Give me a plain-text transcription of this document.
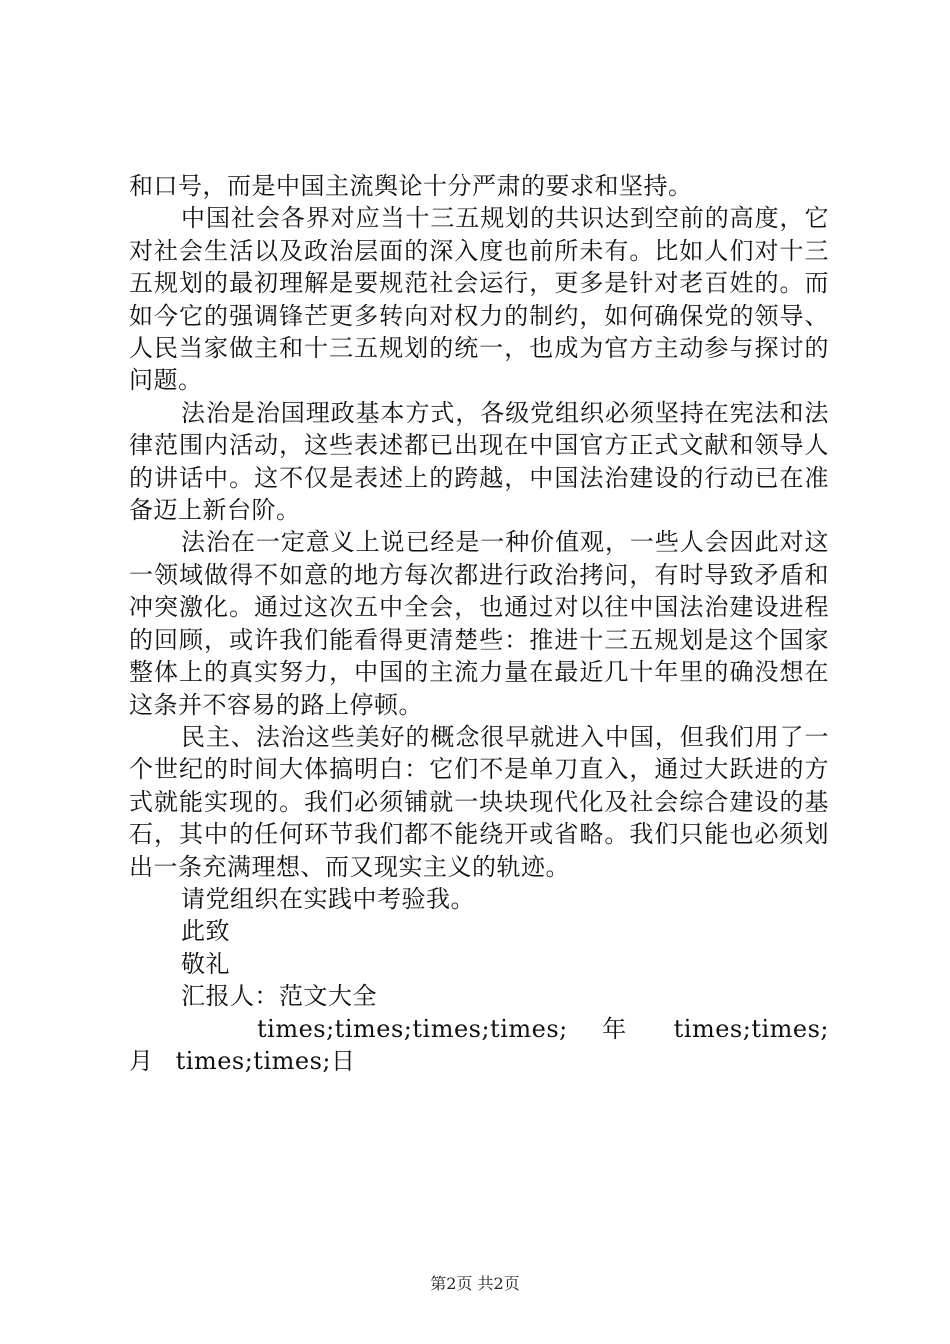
和口号，而是中国主流舆论十分严肃的要求和坚持。

中国社会各界对应当十三五规划的共识达到空前的高度，它对社会生活以及政治层面的深入度也前所未有。比如人们对十三五规划的最初理解是要规范社会运行，更多是针对老百姓的。而如今它的强调锋芒更多转向对权力的制约，如何确保党的领导、人民当家做主和十三五规划的统一，也成为官方主动参与探讨的问题。

法治是治国理政基本方式，各级党组织必须坚持在宪法和法律范围内活动，这些表述都已出现在中国官方正式文献和领导人的讲话中。这不仅是表述上的跨越，中国法治建设的行动已在准备迈上新台阶。

法治在一定意义上说已经是一种价值观，一些人会因此对这一领域做得不如意的地方每次都进行政治拷问，有时导致矛盾和冲突激化。通过这次五中全会，也通过对以往中国法治建设进程的回顾，或许我们能看得更清楚些：推进十三五规划是这个国家整体上的真实努力，中国的主流力量在最近几十年里的确没想在这条并不容易的路上停顿。

民主、法治这些美好的概念很早就进入中国，但我们用了一个世纪的时间大体搞明白：它们不是单刀直入，通过大跃进的方式就能实现的。我们必须铺就一块块现代化及社会综合建设的基石，其中的任何环节我们都不能绕开或省略。我们只能也必须划出一条充满理想、而又现实主义的轨迹。

请党组织在实践中考验我。

此致

敬礼

汇报人：范文大全

times;times;times;times; 年 times;times; 月 times;times;日

第2页 共2页
